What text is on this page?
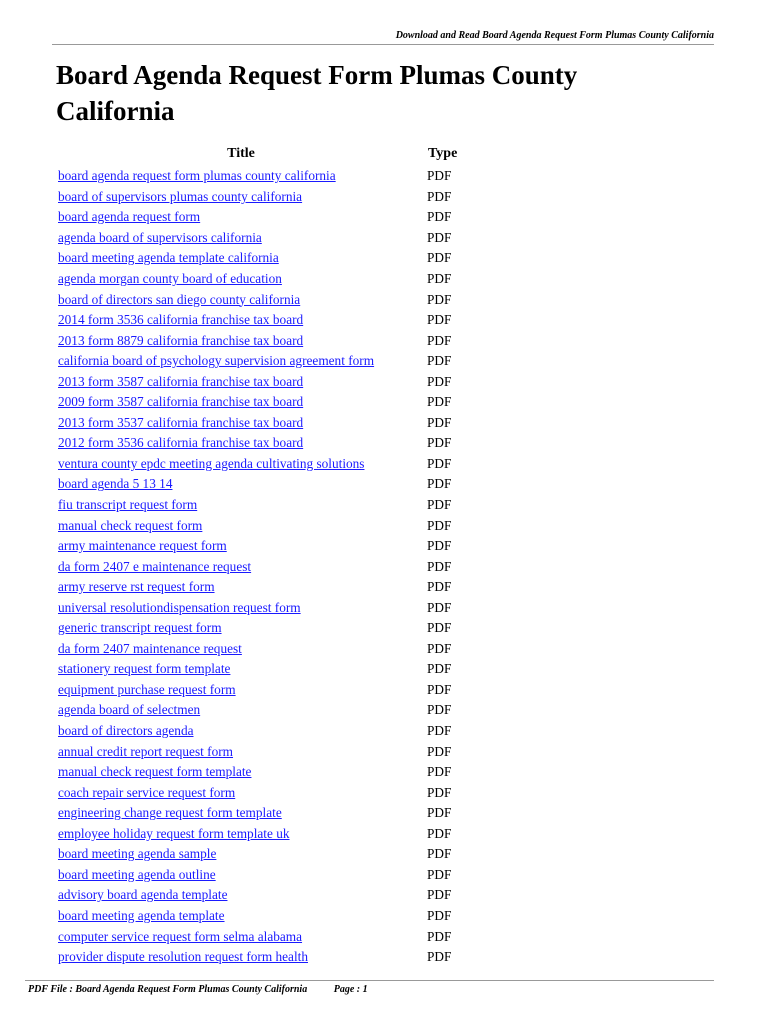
Download and Read Board Agenda Request Form Plumas County California
Board Agenda Request Form Plumas County California
Title	Type
board agenda request form plumas county california	PDF
board of supervisors plumas county california	PDF
board agenda request form	PDF
agenda board of supervisors california	PDF
board meeting agenda template california	PDF
agenda morgan county board of education	PDF
board of directors san diego county california	PDF
2014 form 3536 california franchise tax board	PDF
2013 form 8879 california franchise tax board	PDF
california board of psychology supervision agreement form	PDF
2013 form 3587 california franchise tax board	PDF
2009 form 3587 california franchise tax board	PDF
2013 form 3537 california franchise tax board	PDF
2012 form 3536 california franchise tax board	PDF
ventura county epdc meeting agenda cultivating solutions	PDF
board agenda 5 13 14	PDF
fiu transcript request form	PDF
manual check request form	PDF
army maintenance request form	PDF
da form 2407 e maintenance request	PDF
army reserve rst request form	PDF
universal resolutiondispensation request form	PDF
generic transcript request form	PDF
da form 2407 maintenance request	PDF
stationery request form template	PDF
equipment purchase request form	PDF
agenda board of selectmen	PDF
board of directors agenda	PDF
annual credit report request form	PDF
manual check request form template	PDF
coach repair service request form	PDF
engineering change request form template	PDF
employee holiday request form template uk	PDF
board meeting agenda sample	PDF
board meeting agenda outline	PDF
advisory board agenda template	PDF
board meeting agenda template	PDF
computer service request form selma alabama	PDF
provider dispute resolution request form health	PDF
PDF File : Board Agenda Request Form Plumas County California	Page : 1
